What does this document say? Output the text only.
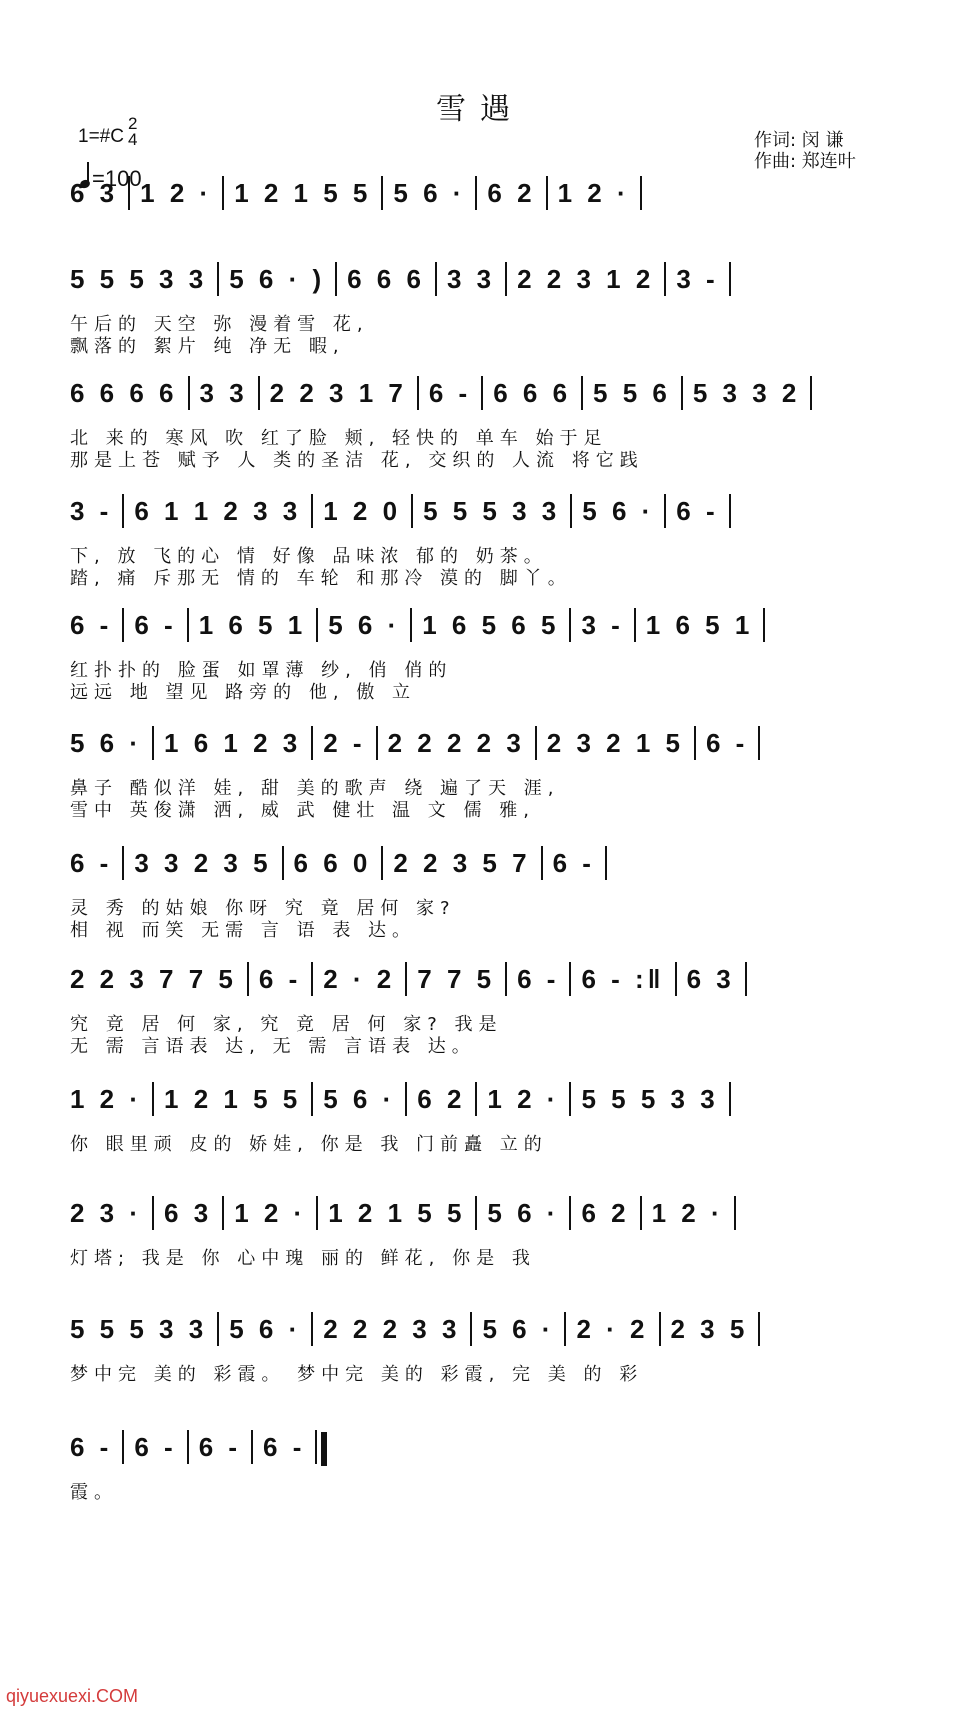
雪遇
1=#C
2
4
=100
作词: 闵 谦
作曲: 郑连叶
6 3 1 2 · 1 2 1 5 5 5 6 · 6 2 1 2 ·
5 5 5 3 3 5 6 · ) 6 6 6 3 3 2 2 3 1 2 3 -
午后的 天空 弥 漫着雪 花,
飘落的 絮片 纯 净无 暇,
6 6 6 6 3 3 2 2 3 1 7 6 - 6 6 6 5 5 6 5 3 3 2
北 来的 寒风 吹 红了脸 颊, 轻快的 单车 始于足
那是上苍 赋予 人 类的圣洁 花, 交织的 人流 将它践
3 - 6 1 1 2 3 3 1 2 0 5 5 5 3 3 5 6 · 6 -
下, 放 飞的心 情 好像 品味浓 郁的 奶茶。
踏, 痛 斥那无 情的 车轮 和那冷 漠的 脚丫。
6 - 6 - 1 6 5 1 5 6 · 1 6 5 6 5 3 - 1 6 5 1
红扑扑的 脸蛋 如罩薄 纱, 俏 俏的
远远 地 望见 路旁的 他, 傲 立
5 6 · 1 6 1 2 3 2 - 2 2 2 2 3 2 3 2 1 5 6 -
鼻子 酷似洋 娃, 甜 美的歌声 绕 遍了天 涯,
雪中 英俊潇 洒, 威 武 健壮 温 文 儒 雅,
6 - 3 3 2 3 5 6 6 0 2 2 3 5 7 6 -
灵 秀 的姑娘 你呀 究 竟 居何 家?
相 视 而笑 无需 言 语 表 达。
2 2 3 7 7 5 6 - 2 · 2 7 7 5 6 - 6 - :‖ 6 3
究 竟 居 何 家, 究 竟 居 何 家? 我是
无 需 言语表 达, 无 需 言语表 达。
1 2 · 1 2 1 5 5 5 6 · 6 2 1 2 · 5 5 5 3 3
你 眼里顽 皮的 娇娃, 你是 我 门前矗 立的
2 3 · 6 3 1 2 · 1 2 1 5 5 5 6 · 6 2 1 2 ·
灯塔; 我是 你 心中瑰 丽的 鲜花, 你是 我
5 5 5 3 3 5 6 · 2 2 2 3 3 5 6 · 2 · 2 2 3 5
梦中完 美的 彩霞。 梦中完 美的 彩霞, 完 美 的 彩
6 - 6 - 6 - 6 -
霞。
qiyuexuexi.COM
